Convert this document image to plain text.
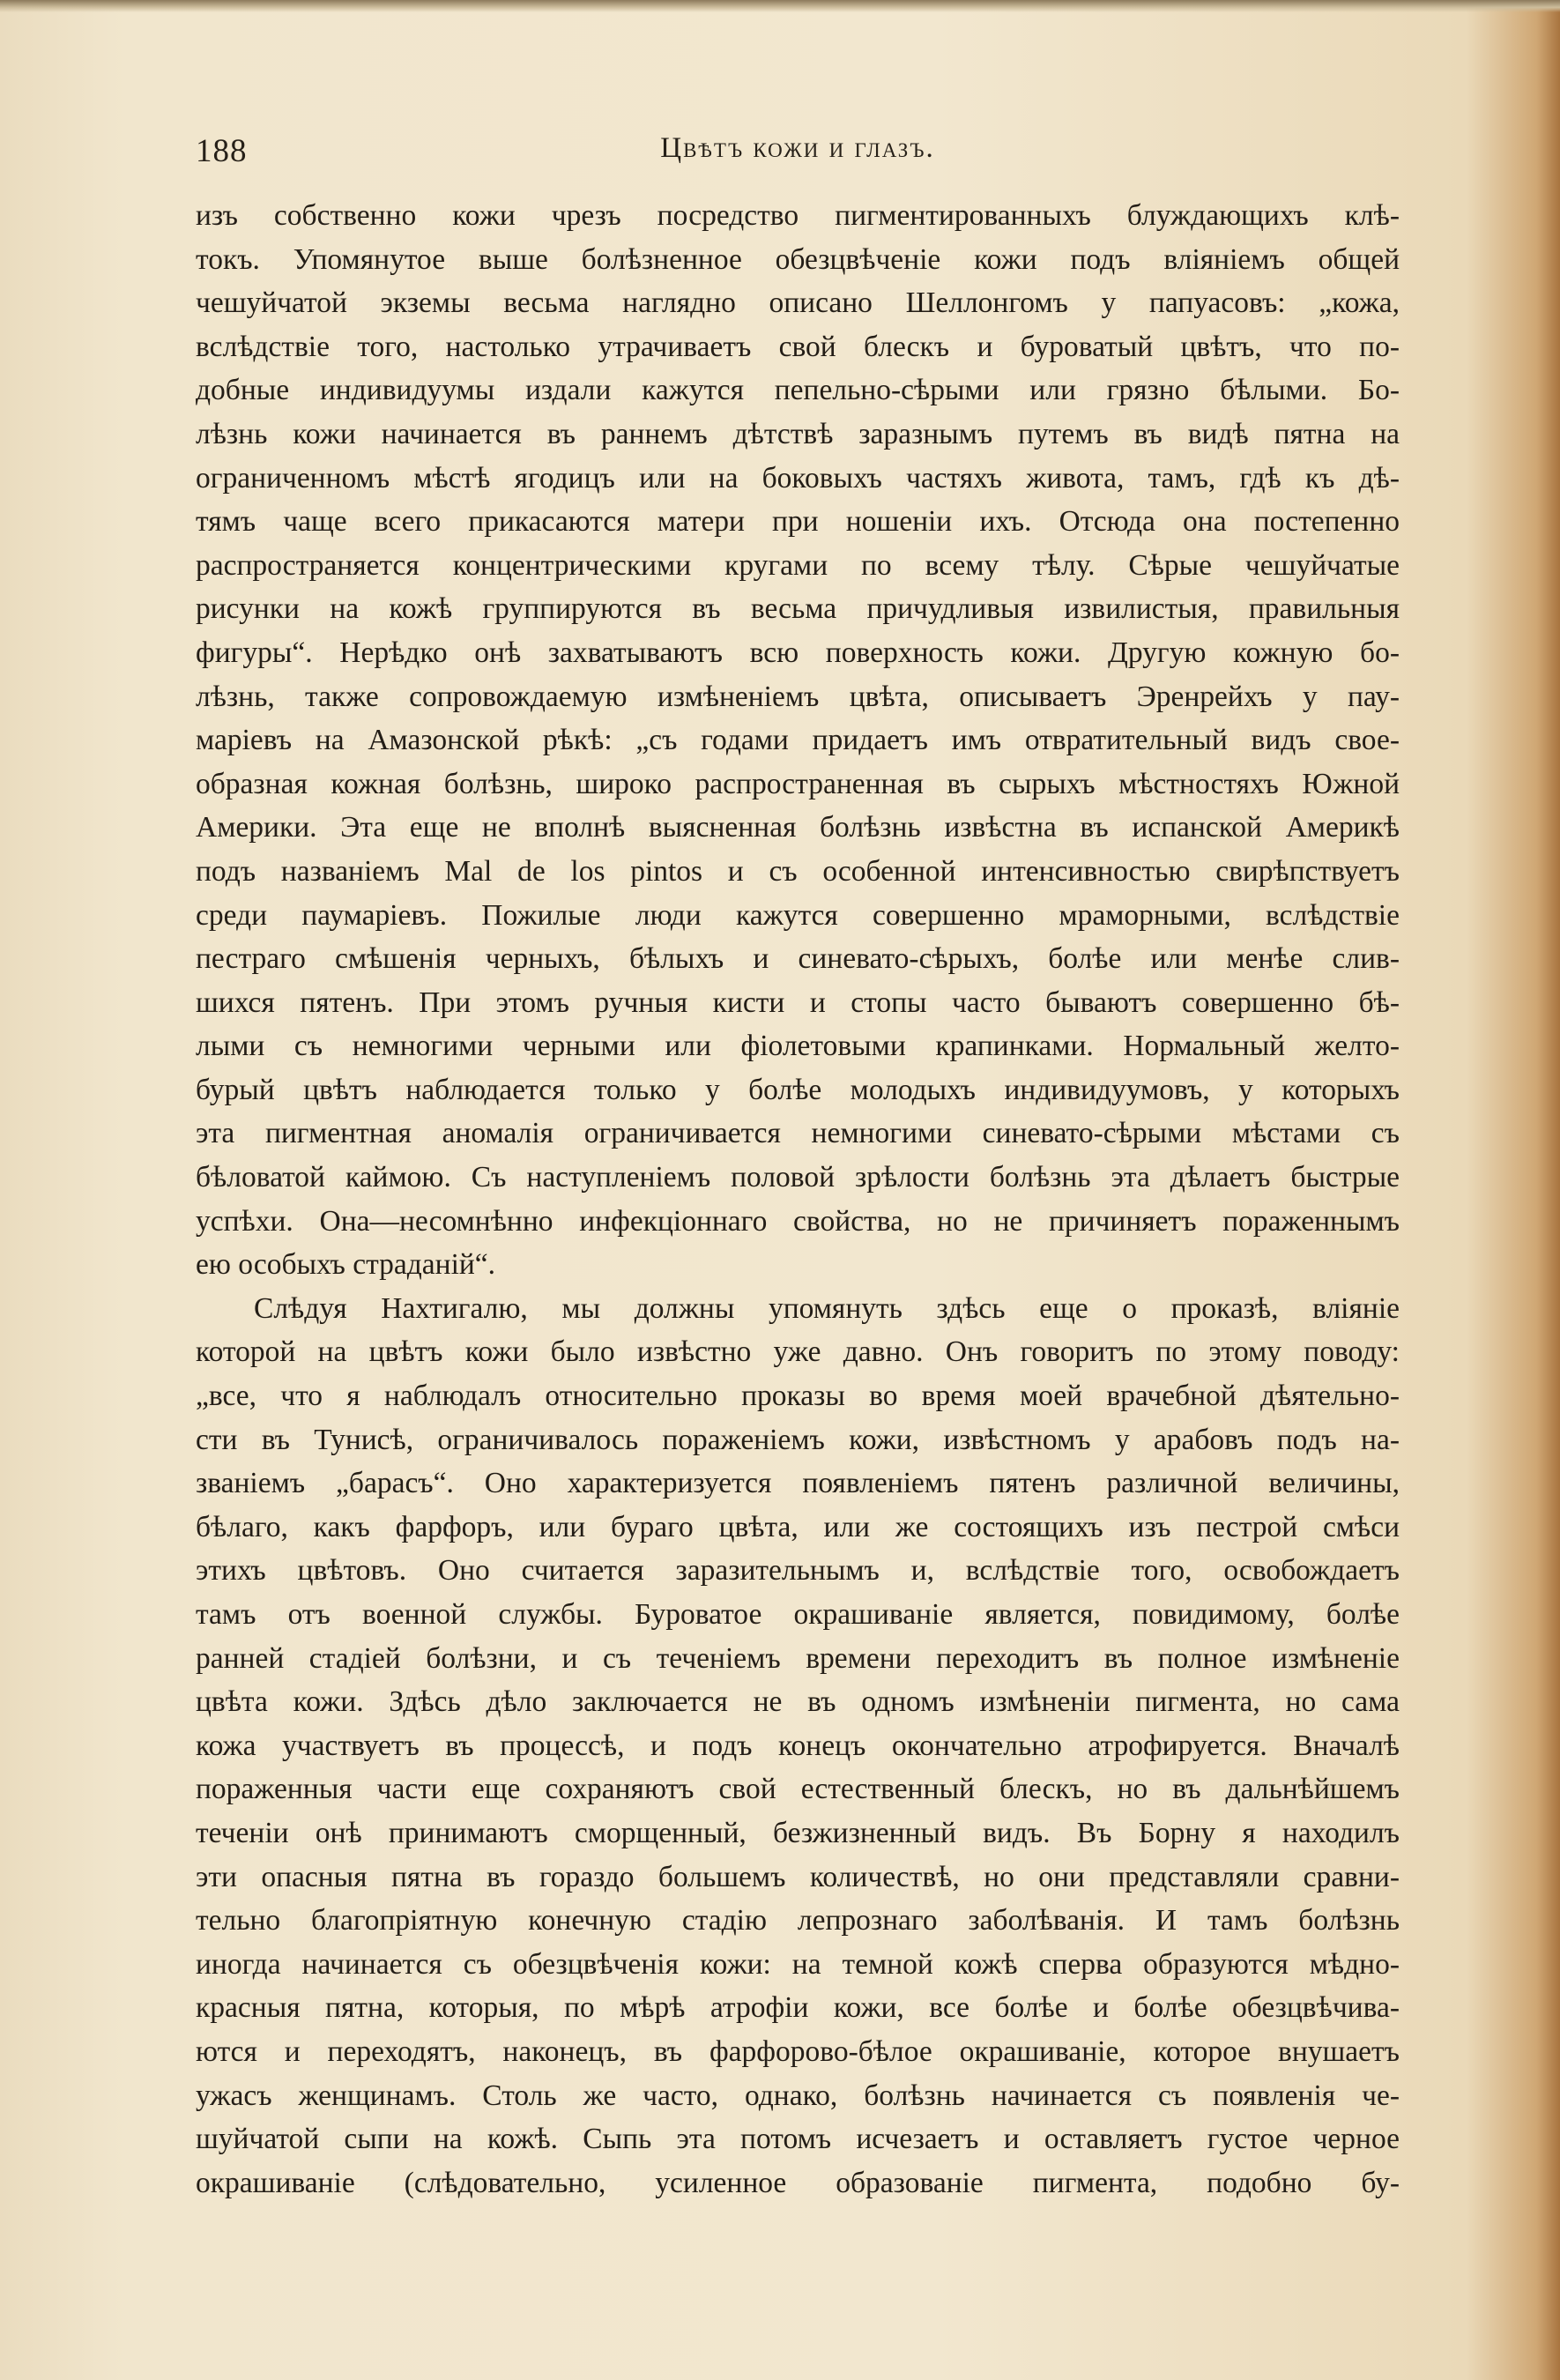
188	Цвѣтъ кожи и глазъ.
изъ собственно кожи чрезъ посредство пигментированныхъ блуждающихъ клѣ-
токъ. Упомянутое выше болѣзненное обезцвѣченіе кожи подъ вліяніемъ общей
чешуйчатой экземы весьма наглядно описано Шеллонгомъ у папуасовъ: „кожа,
вслѣдствіе того, настолько утрачиваетъ свой блескъ и буроватый цвѣтъ, что по-
добные индивидуумы издали кажутся пепельно-сѣрыми или грязно бѣлыми. Бо-
лѣзнь кожи начинается въ раннемъ дѣтствѣ заразнымъ путемъ въ видѣ пятна на
ограниченномъ мѣстѣ ягодицъ или на боковыхъ частяхъ живота, тамъ, гдѣ къ дѣ-
тямъ чаще всего прикасаются матери при ношеніи ихъ. Отсюда она постепенно
распространяется концентрическими кругами по всему тѣлу. Сѣрые чешуйчатые
рисунки на кожѣ группируются въ весьма причудливыя извилистыя, правильныя
фигуры“. Нерѣдко онѣ захватываютъ всю поверхность кожи. Другую кожную бо-
лѣзнь, также сопровождаемую измѣненіемъ цвѣта, описываетъ Эренрейхъ у пау-
маріевъ на Амазонской рѣкѣ: „съ годами придаетъ имъ отвратительный видъ свое-
образная кожная болѣзнь, широко распространенная въ сырыхъ мѣстностяхъ Южной
Америки. Эта еще не вполнѣ выясненная болѣзнь извѣстна въ испанской Америкѣ
подъ названіемъ Mal de los pintos и съ особенной интенсивностью свирѣпствуетъ
среди паумаріевъ. Пожилые люди кажутся совершенно мраморными, вслѣдствіе
пестраго смѣшенія черныхъ, бѣлыхъ и синевато-сѣрыхъ, болѣе или менѣе слив-
шихся пятенъ. При этомъ ручныя кисти и стопы часто бываютъ совершенно бѣ-
лыми съ немногими черными или фіолетовыми крапинками. Нормальный желто-
бурый цвѣтъ наблюдается только у болѣе молодыхъ индивидуумовъ, у которыхъ
эта пигментная аномалія ограничивается немногими синевато-сѣрыми мѣстами съ
бѣловатой каймою. Съ наступленіемъ половой зрѣлости болѣзнь эта дѣлаетъ быстрые
успѣхи. Она—несомнѣнно инфекціоннаго свойства, но не причиняетъ пораженнымъ
ею особыхъ страданій“.
Слѣдуя Нахтигалю, мы должны упомянуть здѣсь еще о проказѣ, вліяніе
которой на цвѣтъ кожи было извѣстно уже давно. Онъ говоритъ по этому поводу:
„все, что я наблюдалъ относительно проказы во время моей врачебной дѣятельно-
сти въ Тунисѣ, ограничивалось пораженіемъ кожи, извѣстномъ у арабовъ подъ на-
званіемъ „барасъ“. Оно характеризуется появленіемъ пятенъ различной величины,
бѣлаго, какъ фарфоръ, или бураго цвѣта, или же состоящихъ изъ пестрой смѣси
этихъ цвѣтовъ. Оно считается заразительнымъ и, вслѣдствіе того, освобождаетъ
тамъ отъ военной службы. Буроватое окрашиваніе является, повидимому, болѣе
ранней стадіей болѣзни, и съ теченіемъ времени переходитъ въ полное измѣненіе
цвѣта кожи. Здѣсь дѣло заключается не въ одномъ измѣненіи пигмента, но сама
кожа участвуетъ въ процессѣ, и подъ конецъ окончательно атрофируется. Вначалѣ
пораженныя части еще сохраняютъ свой естественный блескъ, но въ дальнѣйшемъ
теченіи онѣ принимаютъ сморщенный, безжизненный видъ. Въ Борну я находилъ
эти опасныя пятна въ гораздо большемъ количествѣ, но они представляли сравни-
тельно благопріятную конечную стадію лепрознаго заболѣванія. И тамъ болѣзнь
иногда начинается съ обезцвѣченія кожи: на темной кожѣ сперва образуются мѣдно-
красныя пятна, которыя, по мѣрѣ атрофіи кожи, все болѣе и болѣе обезцвѣчива-
ются и переходятъ, наконецъ, въ фарфорово-бѣлое окрашиваніе, которое внушаетъ
ужасъ женщинамъ. Столь же часто, однако, болѣзнь начинается съ появленія че-
шуйчатой сыпи на кожѣ. Сыпь эта потомъ исчезаетъ и оставляетъ густое черное
окрашиваніе (слѣдовательно, усиленное образованіе пигмента, подобно бу-
